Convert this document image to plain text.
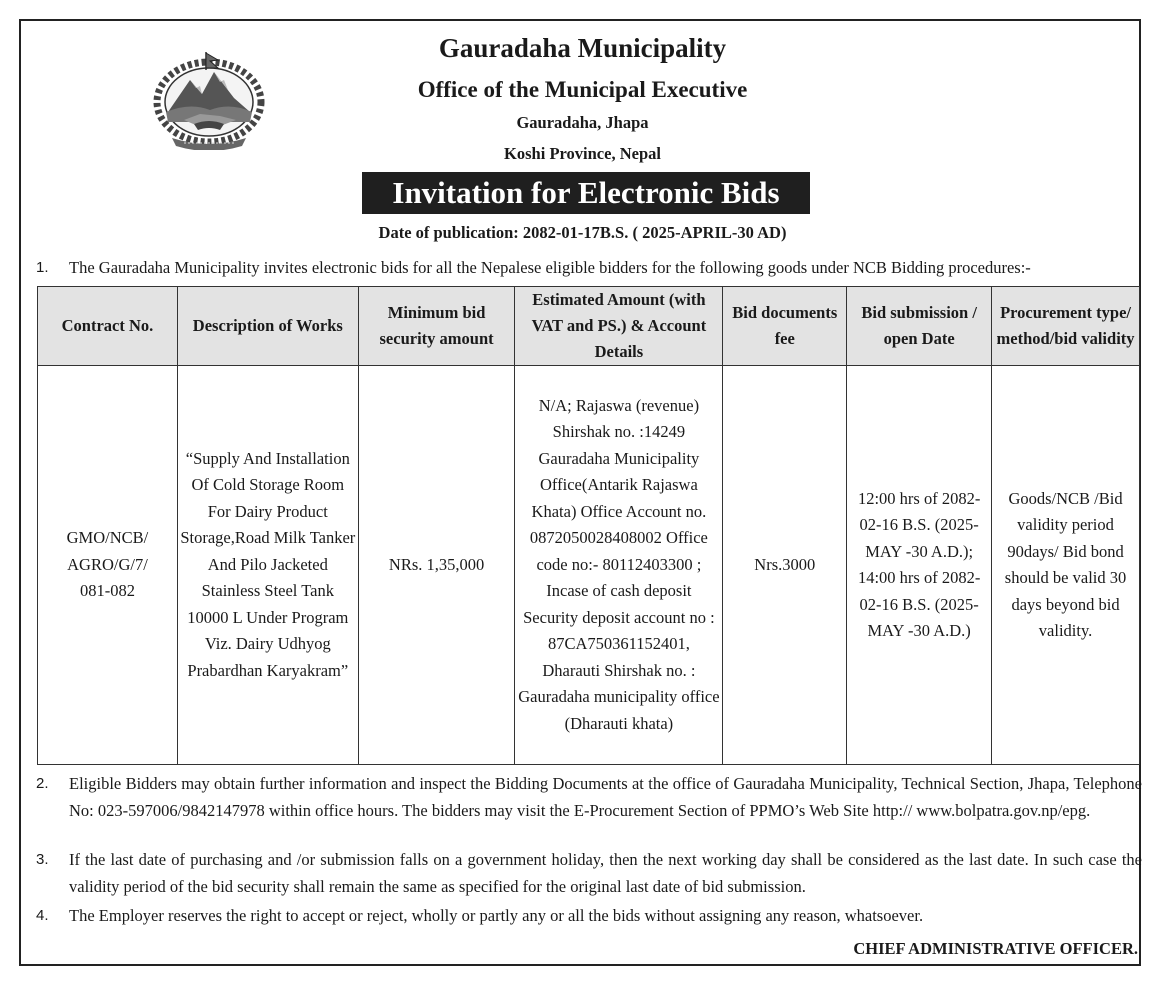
Gauradaha Municipality
Office of the Municipal Executive
Gauradaha, Jhapa
Koshi Province, Nepal
Invitation for Electronic Bids
Date of publication: 2082-01-17B.S. ( 2025-APRIL-30 AD)
1. The Gauradaha Municipality invites electronic bids for all the Nepalese eligible bidders for the following goods under NCB Bidding procedures:-
Contract No.	Description of Works	Minimum bid security amount	Estimated Amount (with VAT and PS.) & Account Details	Bid documents fee	Bid submission / open Date	Procurement type/ method/bid validity
GMO/NCB/ AGRO/G/7/ 081-082	“Supply And Installation Of Cold Storage Room For Dairy Product Storage,Road Milk Tanker And Pilo Jacketed Stainless Steel Tank 10000 L Under Program Viz. Dairy Udhyog Prabardhan Karyakram”	NRs. 1,35,000	N/A; Rajaswa (revenue) Shirshak no. :14249 Gauradaha Municipality Office(Antarik Rajaswa Khata) Office Account no. 0872050028408002 Office code no:- 80112403300 ; Incase of cash deposit Security deposit account no : 87CA750361152401, Dharauti Shirshak no. : Gauradaha municipality office (Dharauti khata)	Nrs.3000	12:00 hrs of 2082-02-16 B.S. (2025-MAY -30 A.D.); 14:00 hrs of 2082-02-16 B.S. (2025-MAY -30 A.D.)	Goods/NCB /Bid validity period 90days/ Bid bond should be valid 30 days beyond bid validity.
2. Eligible Bidders may obtain further information and inspect the Bidding Documents at the office of Gauradaha Municipality, Technical Section, Jhapa, Telephone No: 023-597006/9842147978 within office hours. The bidders may visit the E-Procurement Section of PPMO’s Web Site http:// www.bolpatra.gov.np/epg.
3. If the last date of purchasing and /or submission falls on a government holiday, then the next working day shall be considered as the last date. In such case the validity period of the bid security shall remain the same as specified for the original last date of bid submission.
4. The Employer reserves the right to accept or reject, wholly or partly any or all the bids without assigning any reason, whatsoever.
CHIEF ADMINISTRATIVE OFFICER.
